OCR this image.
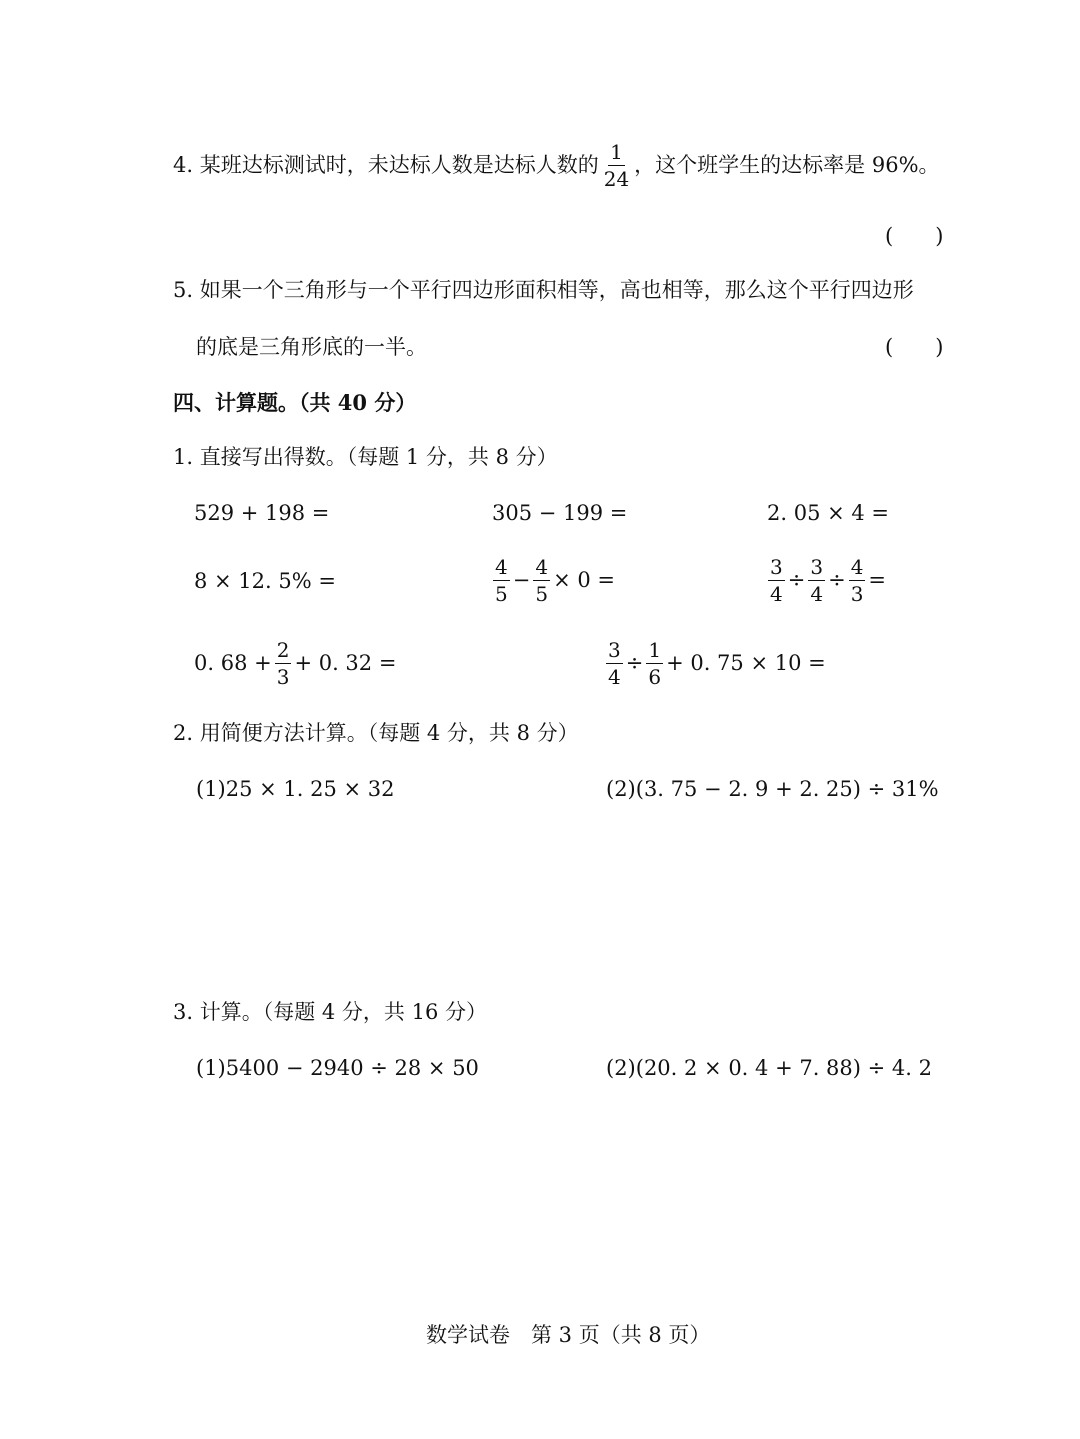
4. 某班达标测试时，未达标人数是达标人数的 $\frac{1}{24}$ ，这个班学生的达标率是 96%。
(　　)
5. 如果一个三角形与一个平行四边形面积相等，高也相等，那么这个平行四边形
的底是三角形底的一半。	(　　)
四、计算题。（共 40 分）
1. 直接写出得数。（每题 1 分，共 8 分）
529 + 198 =	305 − 199 =	2. 05 × 4 =
8 × 12. 5% =	$\frac{4}{5} - \frac{4}{5} \times 0$ =	$\frac{3}{4} \div \frac{3}{4} \div \frac{4}{3}$ =
0. $68 + \frac{2}{3} + 0$. 32 =	$\frac{3}{4} \div \frac{1}{6} + 0$. 75 × 10 =
2. 用简便方法计算。（每题 4 分，共 8 分）
(1)25 × 1. 25 × 32	(2)(3. 75 − 2. 9 + 2. 25) ÷ 31%
3. 计算。（每题 4 分，共 16 分）
(1)5400 − 2940 ÷ 28 × 50	(2)(20. 2 × 0. 4 + 7. 88) ÷ 4. 2
数学试卷　第 3 页（共 8 页）
